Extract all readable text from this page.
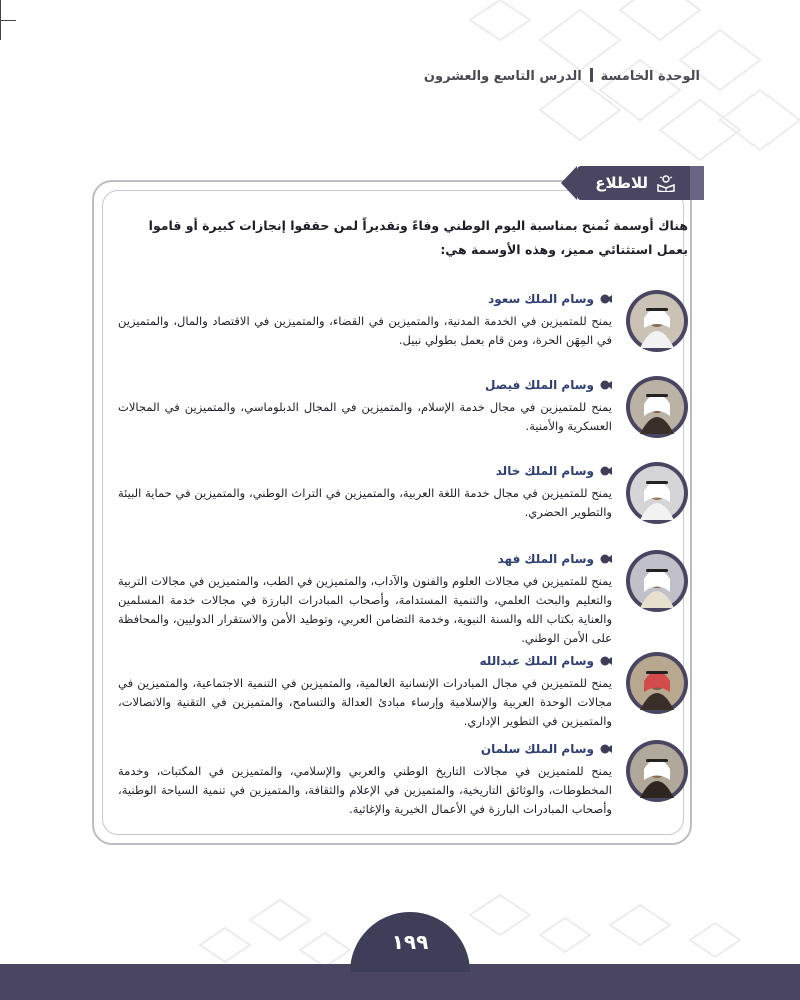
الوحدة الخامسةالدرس التاسع والعشرون
للاطلاع
هناك أوسمة تُمنح بمناسبة اليوم الوطني وفاءً وتقديراً لمن حققوا إنجازات كبيرة أو قاموا بعمل استثنائي مميز، وهذه الأوسمة هي:
وسام الملك سعود
يمنح للمتميزين في الخدمة المدنية، والمتميزين في القضاء، والمتميزين في الاقتصاد والمال، والمتميزين في المِهَن الحرة، ومن قام بعمل بطولي نبيل.
وسام الملك فيصل
يمنح للمتميزين في مجال خدمة الإسلام، والمتميزين في المجال الدبلوماسي، والمتميزين في المجالات العسكرية والأمنية.
وسام الملك خالد
يمنح للمتميزين في مجال خدمة اللغة العربية، والمتميزين في التراث الوطني، والمتميزين في حماية البيئة والتطوير الحضري.
وسام الملك فهد
يمنح للمتميزين في مجالات العلوم والفنون والآداب، والمتميزين في الطب، والمتميزين في مجالات التربية والتعليم والبحث العلمي، والتنمية المستدامة، وأصحاب المبادرات البارزة في مجالات خدمة المسلمين والعناية بكتاب الله والسنة النبوية، وخدمة التضامن العربي، وتوطيد الأمن والاستقرار الدوليين، والمحافظة على الأمن الوطني.
وسام الملك عبدالله
يمنح للمتميزين في مجال المبادرات الإنسانية العالمية، والمتميزين في التنمية الاجتماعية، والمتميزين في مجالات الوحدة العربية والإسلامية وإرساء مبادئ العدالة والتسامح، والمتميزين في التقنية والاتصالات، والمتميزين في التطوير الإداري.
وسام الملك سلمان
يمنح للمتميزين في مجالات التاريخ الوطني والعربي والإسلامي، والمتميزين في المكتبات، وخدمة المخطوطات، والوثائق التاريخية، والمتميزين في الإعلام والثقافة، والمتميزين في تنمية السياحة الوطنية، وأصحاب المبادرات البارزة في الأعمال الخيرية والإغاثية.
١٩٩
